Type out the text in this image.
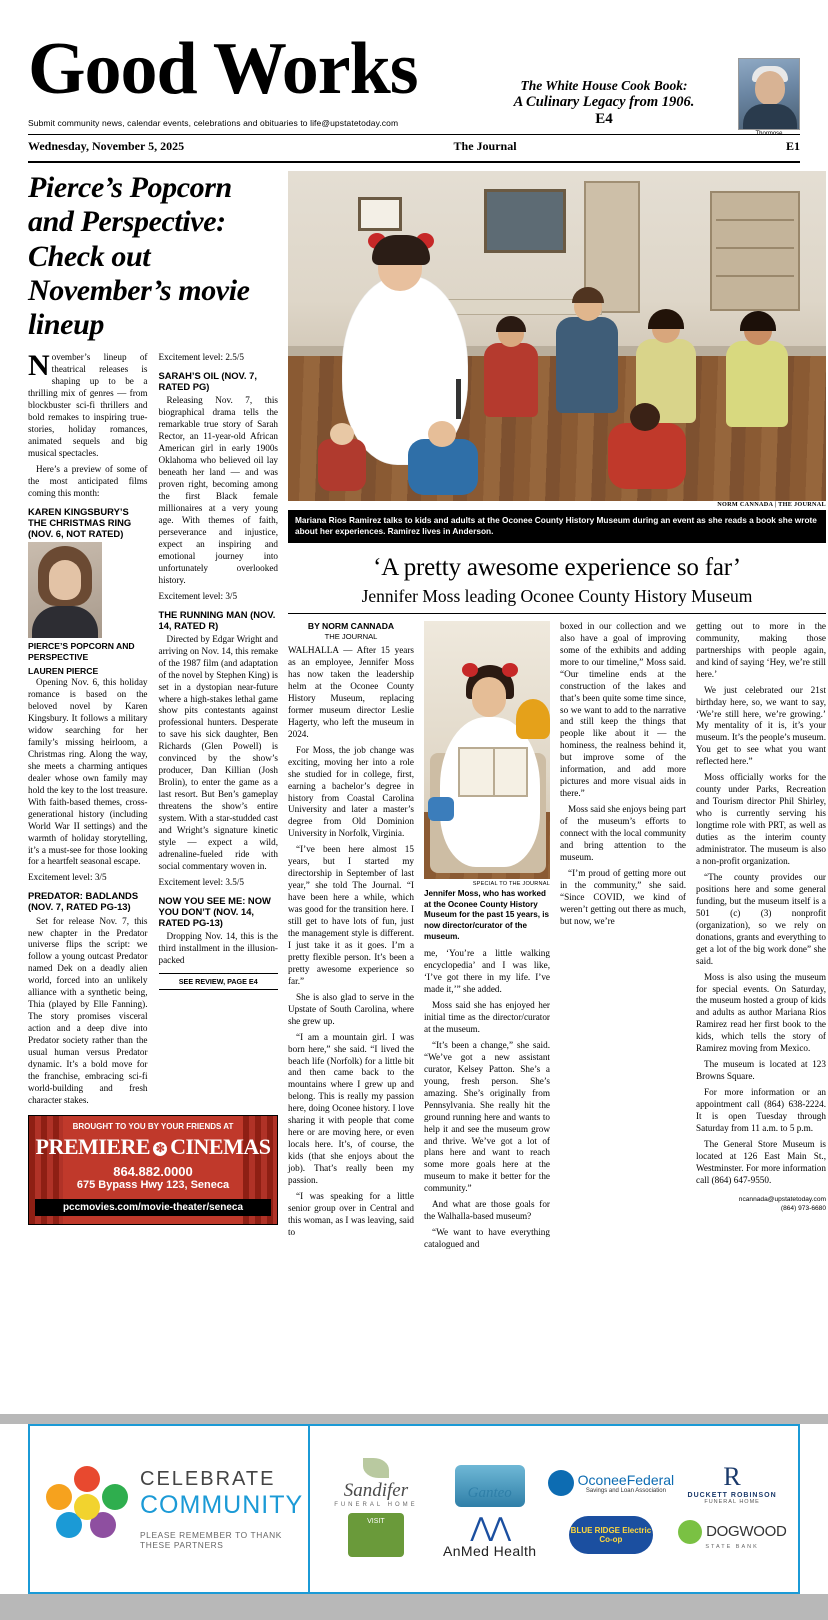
Good Works	The White House Cook Book:
A Culinary Legacy from 1906. E4
Thormose
Submit community news, calendar events, celebrations and obituaries to life@upstatetoday.com
Wednesday, November 5, 2025	The Journal	E1
Pierce’s Popcorn and Perspective: Check out November’s movie lineup

November’s lineup of theatrical releases is shaping up to be a thrilling mix of genres — from blockbuster sci-fi thrillers and bold remakes to inspiring true-stories, holiday romances, animated sequels and big musical spectacles.

Here’s a preview of some of the most anticipated films coming this month:

KAREN KINGSBURY’S THE CHRISTMAS RING (NOV. 6, NOT RATED)
PIERCE’S POPCORN AND PERSPECTIVE
LAUREN PIERCE

Opening Nov. 6, this holiday romance is based on the beloved novel by Karen Kingsbury. It follows a military widow searching for her family’s missing heirloom, a Christmas ring. Along the way, she meets a charming antiques dealer whose own family may hold the key to the lost treasure. With faith-based themes, cross-generational history (including World War II settings) and the warmth of holiday storytelling, it’s a must-see for those looking for a heartfelt seasonal escape.

Excitement level: 3/5

PREDATOR: BADLANDS (NOV. 7, RATED PG-13)

Set for release Nov. 7, this new chapter in the Predator universe flips the script: we follow a young outcast Predator named Dek on a deadly alien world, forced into an unlikely alliance with a synthetic being, Thia (played by Elle Fanning). The story promises visceral action and a deep dive into Predator society rather than the usual human versus Predator dynamic. It’s a bold move for the franchise, embracing sci-fi world-building and fresh character stakes.

Excitement level: 2.5/5

SARAH’S OIL (NOV. 7, RATED PG)

Releasing Nov. 7, this biographical drama tells the remarkable true story of Sarah Rector, an 11-year-old African American girl in early 1900s Oklahoma who believed oil lay beneath her land — and was proven right, becoming among the first Black female millionaires at a very young age. With themes of faith, perseverance and injustice, expect an inspiring and emotional journey into unfortunately overlooked history.

Excitement level: 3/5

THE RUNNING MAN (NOV. 14, RATED R)

Directed by Edgar Wright and arriving on Nov. 14, this remake of the 1987 film (and adaptation of the novel by Stephen King) is set in a dystopian near-future where a high-stakes lethal game show pits contestants against professional hunters. Desperate to save his sick daughter, Ben Richards (Glen Powell) is convinced by the show’s producer, Dan Killian (Josh Brolin), to enter the game as a last resort. But Ben’s gameplay threatens the show’s entire system. With a star-studded cast and Wright’s signature kinetic style — expect a wild, adrenaline-fueled ride with social commentary woven in.

Excitement level: 3.5/5

NOW YOU SEE ME: NOW YOU DON’T (NOV. 14, RATED PG-13)

Dropping Nov. 14, this is the third installment in the illusion-packed

SEE REVIEW, PAGE E4
BROUGHT TO YOU BY YOUR FRIENDS AT
PREMIERE ✻ CINEMAS
864.882.0000
675 Bypass Hwy 123, Seneca
pccmovies.com/movie-theater/seneca
NORM CANNADA | THE JOURNAL
Mariana Rios Ramirez talks to kids and adults at the Oconee County History Museum during an event as she reads a book she wrote about her experiences. Ramirez lives in Anderson.
‘A pretty awesome experience so far’
Jennifer Moss leading Oconee County History Museum
BY NORM CANNADA
THE JOURNAL

WALHALLA — After 15 years as an employee, Jennifer Moss has now taken the leadership helm at the Oconee County History Museum, replacing former museum director Leslie Hagerty, who left the museum in 2024.

For Moss, the job change was exciting, moving her into a role she studied for in college, first, earning a bachelor’s degree in history from Coastal Carolina University and later a master’s degree from Old Dominion University in Norfolk, Virginia.

“I’ve been here almost 15 years, but I started my directorship in September of last year,” she told The Journal. “I have been here a while, which was good for the transition here. I still get to have lots of fun, just the management style is different. I just take it as it goes. I’m a pretty flexible person. It’s been a pretty awesome experience so far.”

She is also glad to serve in the Upstate of South Carolina, where she grew up.

“I am a mountain girl. I was born here,” she said. “I lived the beach life (Norfolk) for a little bit and then came back to the mountains where I grew up and belong. This is really my passion here, doing Oconee history. I love sharing it with people that come here or are moving here, or even locals here. It’s, of course, the kids (that she enjoys about the job). That’s really been my passion.

“I was speaking for a little senior group over in Central and this woman, as I was leaving, said to

SPECIAL TO THE JOURNAL
Jennifer Moss, who has worked at the Oconee County History Museum for the past 15 years, is now director/curator of the museum.

me, ‘You’re a little walking encyclopedia’ and I was like, ‘I’ve got there in my life. I’ve made it,’” she added.

Moss said she has enjoyed her initial time as the director/curator at the museum.

“It’s been a change,” she said. “We’ve got a new assistant curator, Kelsey Patton. She’s a young, fresh person. She’s amazing. She’s originally from Pennsylvania. She really hit the ground running here and wants to help it and see the museum grow and thrive. We’ve got a lot of plans here and want to reach some more goals here at the museum to make it better for the community.”

And what are those goals for the Walhalla-based museum?

“We want to have everything catalogued and

boxed in our collection and we also have a goal of improving some of the exhibits and adding more to our timeline,” Moss said. “Our timeline ends at the construction of the lakes and that’s been quite some time since, so we want to add to the narrative and still keep the things that people like about it — the hominess, the realness behind it, but improve some of the information, and add more pictures and more visual aids in there.”

Moss said she enjoys being part of the museum’s efforts to connect with the local community and bring attention to the museum.

“I’m proud of getting more out in the community,” she said. “Since COVID, we kind of weren’t getting out there as much, but now, we’re

getting out to more in the community, making those partnerships with people again, and kind of saying ‘Hey, we’re still here.’

We just celebrated our 21st birthday here, so, we want to say, ‘We’re still here, we’re growing.’ My mentality of it is, it’s your museum. It’s the people’s museum. You get to see what you want reflected here.”

Moss officially works for the county under Parks, Recreation and Tourism director Phil Shirley, who is currently serving his longtime role with PRT, as well as duties as the interim county administrator. The museum is also a non-profit organization.

“The county provides our positions here and some general funding, but the museum itself is a 501 (c) (3) nonprofit (organization), so we rely on donations, grants and everything to get a lot of the big work done” she said.

Moss is also using the museum for special events. On Saturday, the museum hosted a group of kids and adults as author Mariana Rios Ramirez read her first book to the kids, which tells the story of Ramirez moving from Mexico.

The museum is located at 123 Browns Square.

For more information or an appointment call (864) 638-2224. It is open Tuesday through Saturday from 11 a.m. to 5 p.m.

The General Store Museum is located at 126 East Main St., Westminster. For more information call (864) 647-9550.

ncannada@upstatetoday.com
(864) 973-6680
CELEBRATE
COMMUNITY
PLEASE REMEMBER TO THANK THESE PARTNERS
Sandifer
FUNERAL HOME
Ganteo
OconeeFederal
Savings and Loan Association
R
DUCKETT ROBINSON
FUNERAL HOME
VISIT	⋀⋀
AnMed Health
BLUE RIDGE Electric Co-op	DOGWOOD
STATE BANK
